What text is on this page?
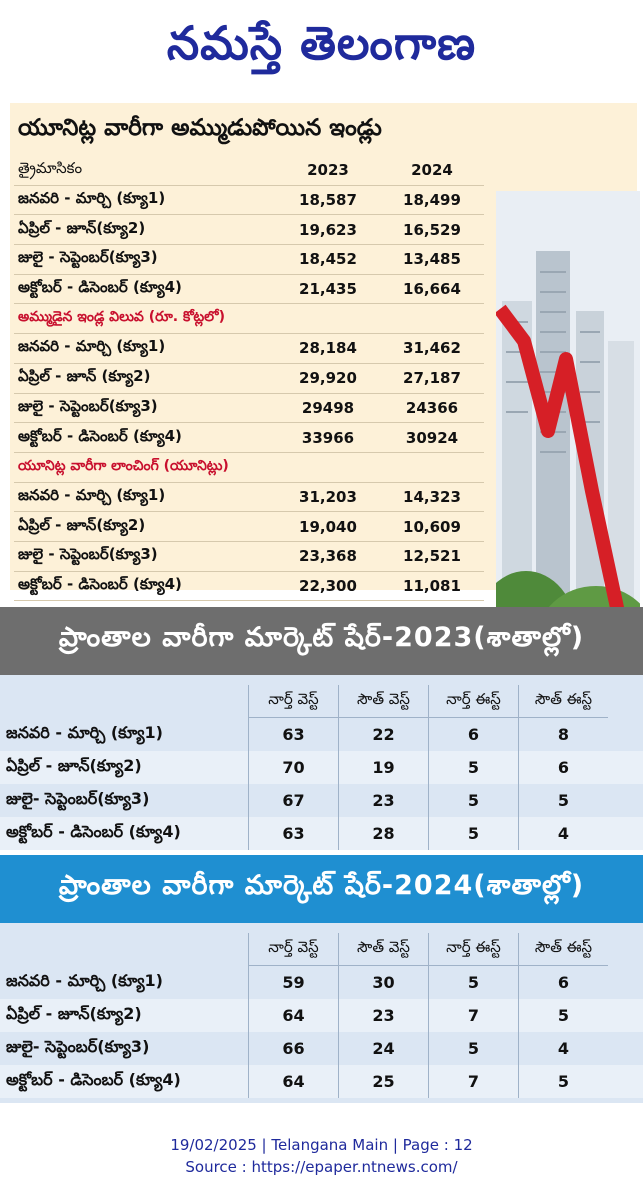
నమస్తే తెలంగాణ
యూనిట్ల వారీగా అమ్ముడుపోయిన ఇండ్లు
త్రైమాసికం	2023	2024
జనవరి - మార్చి (క్యూ1)	18,587	18,499
ఏప్రిల్ - జూన్(క్యూ2)	19,623	16,529
జులై - సెప్టెంబర్(క్యూ3)	18,452	13,485
అక్టోబర్ - డిసెంబర్ (క్యూ4)	21,435	16,664
అమ్ముడైన ఇండ్ల విలువ (రూ. కోట్లలో)
జనవరి - మార్చి (క్యూ1)	28,184	31,462
ఏప్రిల్ - జూన్ (క్యూ2)	29,920	27,187
జులై - సెప్టెంబర్(క్యూ3)	29498	24366
అక్టోబర్ - డిసెంబర్ (క్యూ4)	33966	30924
యూనిట్ల వారీగా లాంచింగ్ (యూనిట్లు)
జనవరి - మార్చి (క్యూ1)	31,203	14,323
ఏప్రిల్ - జూన్(క్యూ2)	19,040	10,609
జులై - సెప్టెంబర్(క్యూ3)	23,368	12,521
అక్టోబర్ - డిసెంబర్ (క్యూ4)	22,300	11,081
ప్రాంతాల వారీగా మార్కెట్ షేర్-2023(శాతాల్లో)
నార్త్ వెస్ట్	సౌత్ వెస్ట్	నార్త్ ఈస్ట్	సౌత్ ఈస్ట్
జనవరి - మార్చి (క్యూ1)	63	22	6	8
ఏప్రిల్ - జూన్(క్యూ2)	70	19	5	6
జులై- సెప్టెంబర్(క్యూ3)	67	23	5	5
అక్టోబర్ - డిసెంబర్ (క్యూ4)	63	28	5	4
ప్రాంతాల వారీగా మార్కెట్ షేర్-2024(శాతాల్లో)
నార్త్ వెస్ట్	సౌత్ వెస్ట్	నార్త్ ఈస్ట్	సౌత్ ఈస్ట్
జనవరి - మార్చి (క్యూ1)	59	30	5	6
ఏప్రిల్ - జూన్(క్యూ2)	64	23	7	5
జులై- సెప్టెంబర్(క్యూ3)	66	24	5	4
అక్టోబర్ - డిసెంబర్ (క్యూ4)	64	25	7	5
19/02/2025 | Telangana Main | Page : 12
Source : https://epaper.ntnews.com/
